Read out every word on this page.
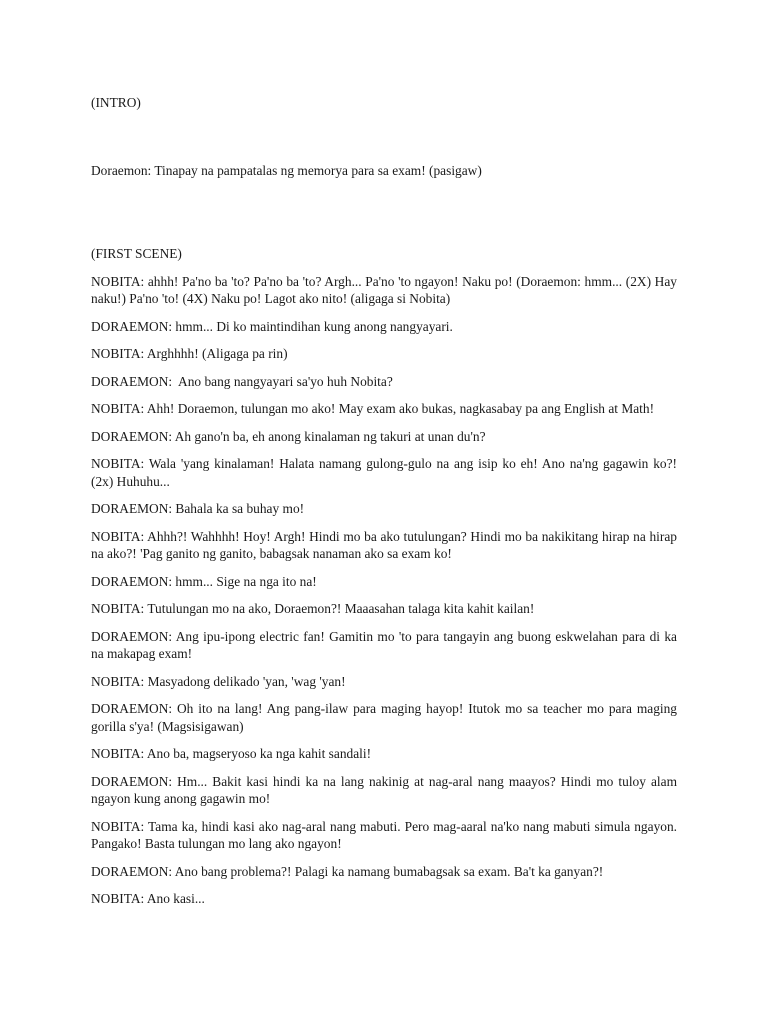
(INTRO)

Doraemon: Tinapay na pampatalas ng memorya para sa exam! (pasigaw)

(FIRST SCENE)

NOBITA: ahhh! Pa'no ba 'to? Pa'no ba 'to? Argh... Pa'no 'to ngayon! Naku po! (Doraemon: hmm... (2X) Hay naku!) Pa'no 'to! (4X) Naku po! Lagot ako nito! (aligaga si Nobita)

DORAEMON: hmm... Di ko maintindihan kung anong nangyayari.

NOBITA: Arghhhh! (Aligaga pa rin)

DORAEMON:  Ano bang nangyayari sa'yo huh Nobita?

NOBITA: Ahh! Doraemon, tulungan mo ako! May exam ako bukas, nagkasabay pa ang English at Math!

DORAEMON: Ah gano'n ba, eh anong kinalaman ng takuri at unan du'n?

NOBITA: Wala 'yang kinalaman! Halata namang gulong-gulo na ang isip ko eh! Ano na'ng gagawin ko?! (2x) Huhuhu...

DORAEMON: Bahala ka sa buhay mo!

NOBITA: Ahhh?! Wahhhh! Hoy! Argh! Hindi mo ba ako tutulungan? Hindi mo ba nakikitang hirap na hirap na ako?! 'Pag ganito ng ganito, babagsak nanaman ako sa exam ko!

DORAEMON: hmm... Sige na nga ito na!

NOBITA: Tutulungan mo na ako, Doraemon?! Maaasahan talaga kita kahit kailan!

DORAEMON: Ang ipu-ipong electric fan! Gamitin mo 'to para tangayin ang buong eskwelahan para di ka na makapag exam!

NOBITA: Masyadong delikado 'yan, 'wag 'yan!

DORAEMON: Oh ito na lang! Ang pang-ilaw para maging hayop! Itutok mo sa teacher mo para maging gorilla s'ya! (Magsisigawan)

NOBITA: Ano ba, magseryoso ka nga kahit sandali!

DORAEMON: Hm... Bakit kasi hindi ka na lang nakinig at nag-aral nang maayos? Hindi mo tuloy alam ngayon kung anong gagawin mo!

NOBITA: Tama ka, hindi kasi ako nag-aral nang mabuti. Pero mag-aaral na'ko nang mabuti simula ngayon. Pangako! Basta tulungan mo lang ako ngayon!

DORAEMON: Ano bang problema?! Palagi ka namang bumabagsak sa exam. Ba't ka ganyan?!

NOBITA: Ano kasi...
